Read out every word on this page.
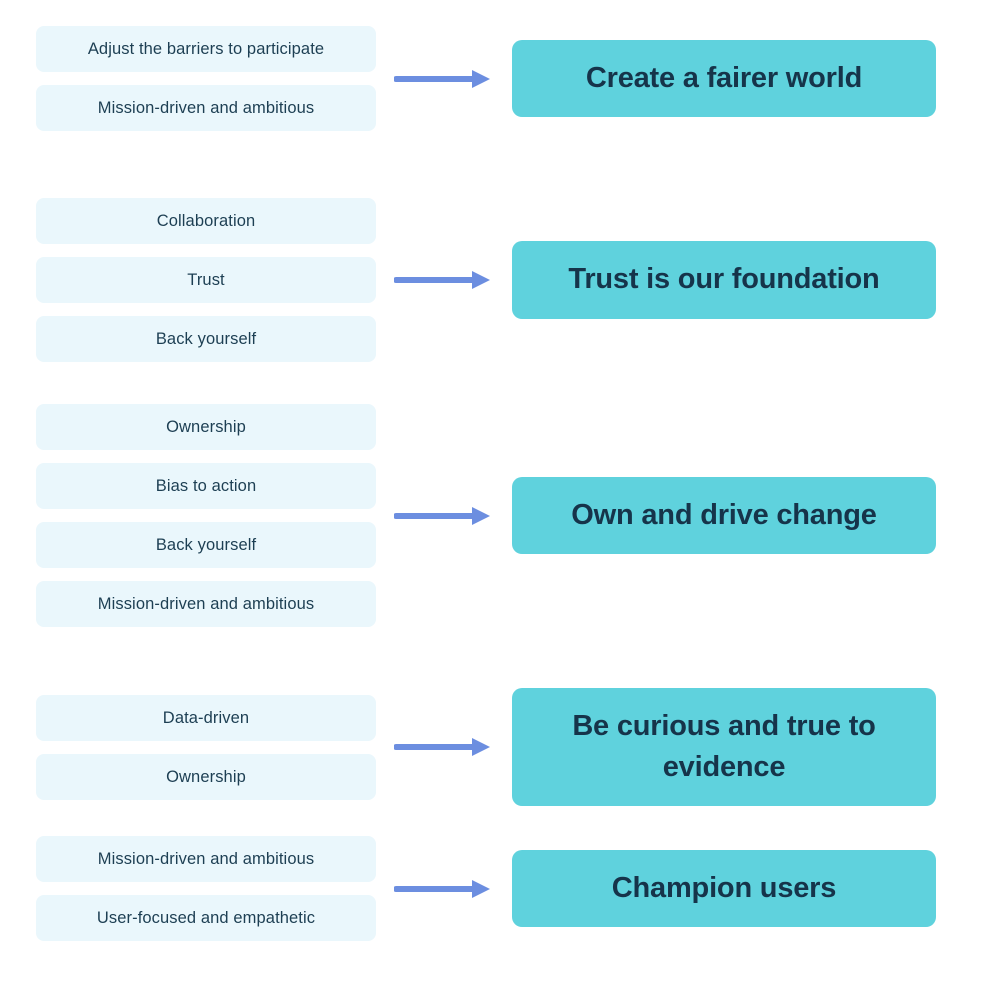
Adjust the barriers to participate
Mission-driven and ambitious
Create a fairer world
Collaboration
Trust
Back yourself
Trust is our foundation
Ownership
Bias to action
Back yourself
Mission-driven and ambitious
Own and drive change
Data-driven
Ownership
Be curious and true to evidence
Mission-driven and ambitious
User-focused and empathetic
Champion users
